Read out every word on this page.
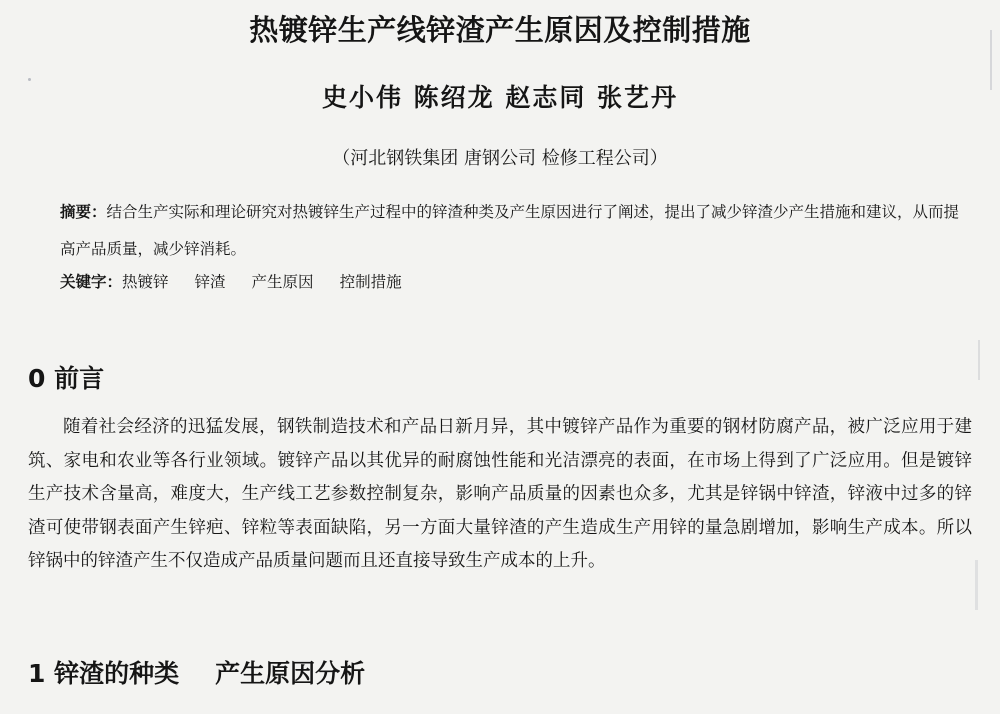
热镀锌生产线锌渣产生原因及控制措施
史小伟 陈绍龙 赵志同 张艺丹
（河北钢铁集团 唐钢公司 检修工程公司）
摘要：结合生产实际和理论研究对热镀锌生产过程中的锌渣种类及产生原因进行了阐述，提出了减少锌渣少产生措施和建议，从而提高产品质量，减少锌消耗。
关键字：热镀锌 锌渣 产生原因 控制措施
0 前言
随着社会经济的迅猛发展，钢铁制造技术和产品日新月异，其中镀锌产品作为重要的钢材防腐产品，被广泛应用于建筑、家电和农业等各行业领域。镀锌产品以其优异的耐腐蚀性能和光洁漂亮的表面，在市场上得到了广泛应用。但是镀锌生产技术含量高，难度大，生产线工艺参数控制复杂，影响产品质量的因素也众多，尤其是锌锅中锌渣，锌液中过多的锌渣可使带钢表面产生锌疤、锌粒等表面缺陷，另一方面大量锌渣的产生造成生产用锌的量急剧增加，影响生产成本。所以锌锅中的锌渣产生不仅造成产品质量问题而且还直接导致生产成本的上升。
1 锌渣的种类 产生原因分析
